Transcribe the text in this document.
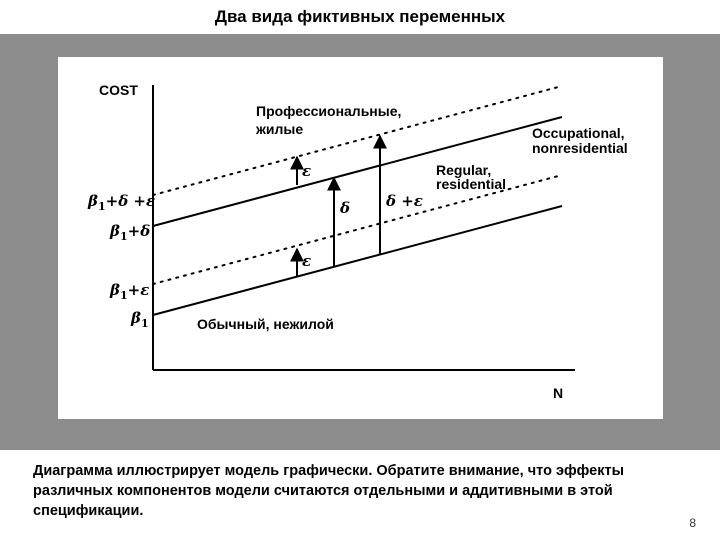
Два вида фиктивных переменных
COST
N
$\beta_1+\delta +\varepsilon$
$\beta_1+\delta$
$\beta_1+\varepsilon$
$\beta_1$
Профессиональные,
жилые	Occupational,
nonresidential
Regular,
residential
Обычный, нежилой
ε
δ δ +ε
ε
Диаграмма иллюстрирует модель графически. Обратите внимание, что эффекты различных компонентов модели считаются отдельными и аддитивными в этой спецификации.
8
